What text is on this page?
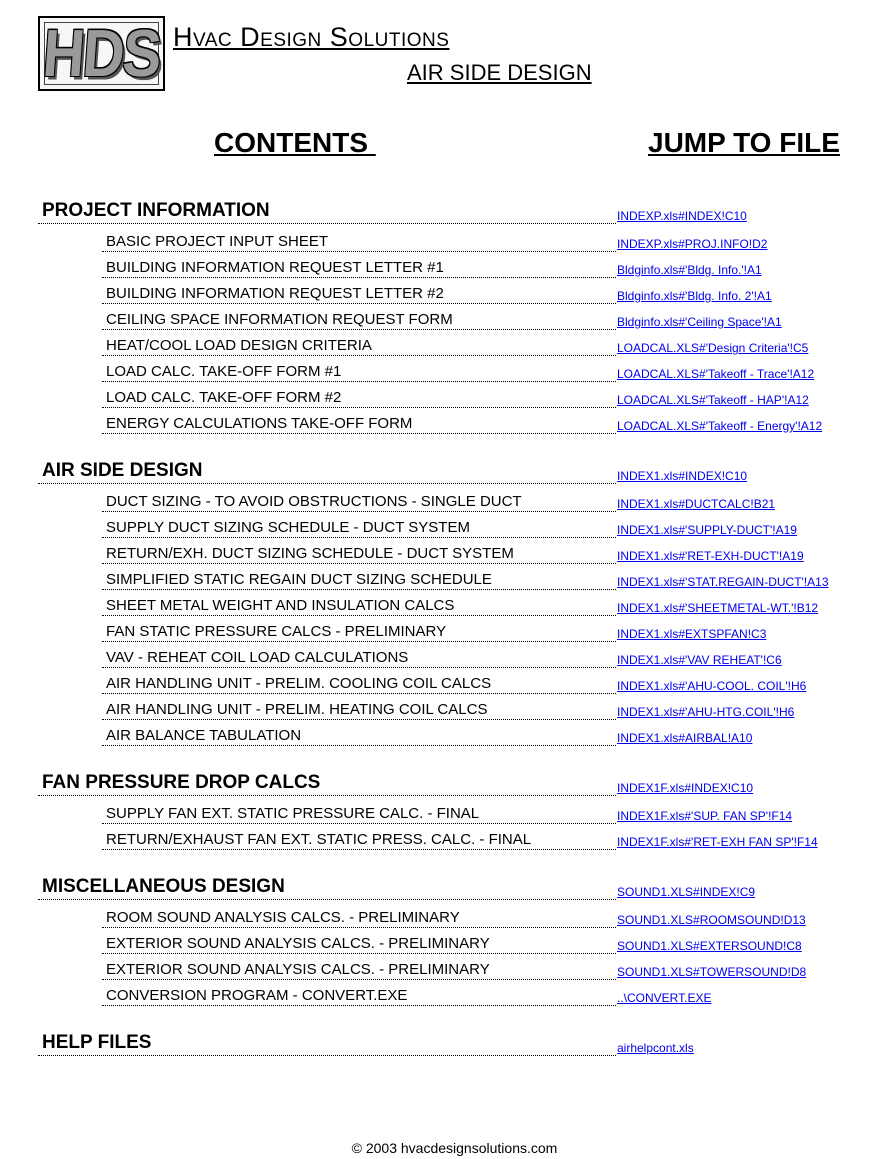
HDS Hvac Design Solutions
AIR SIDE DESIGN
CONTENTS	JUMP TO FILE
PROJECT INFORMATION	INDEXP.xls#INDEX!C10
BASIC PROJECT INPUT SHEET	INDEXP.xls#PROJ.INFO!D2
BUILDING INFORMATION REQUEST LETTER #1	Bldginfo.xls#'Bldg. Info.'!A1
BUILDING INFORMATION REQUEST LETTER #2	Bldginfo.xls#'Bldg. Info. 2'!A1
CEILING SPACE INFORMATION REQUEST FORM	Bldginfo.xls#'Ceiling Space'!A1
HEAT/COOL LOAD DESIGN CRITERIA	LOADCAL.XLS#'Design Criteria'!C5
LOAD CALC. TAKE-OFF FORM #1	LOADCAL.XLS#'Takeoff - Trace'!A12
LOAD CALC. TAKE-OFF FORM #2	LOADCAL.XLS#'Takeoff - HAP'!A12
ENERGY CALCULATIONS TAKE-OFF FORM	LOADCAL.XLS#'Takeoff - Energy'!A12
AIR SIDE DESIGN	INDEX1.xls#INDEX!C10
DUCT SIZING - TO AVOID OBSTRUCTIONS - SINGLE DUCT	INDEX1.xls#DUCTCALC!B21
SUPPLY DUCT SIZING SCHEDULE - DUCT SYSTEM	INDEX1.xls#'SUPPLY-DUCT'!A19
RETURN/EXH. DUCT SIZING SCHEDULE - DUCT SYSTEM	INDEX1.xls#'RET-EXH-DUCT'!A19
SIMPLIFIED STATIC REGAIN DUCT SIZING SCHEDULE	INDEX1.xls#'STAT.REGAIN-DUCT'!A13
SHEET METAL WEIGHT AND INSULATION CALCS	INDEX1.xls#'SHEETMETAL-WT.'!B12
FAN STATIC PRESSURE CALCS - PRELIMINARY	INDEX1.xls#EXTSPFAN!C3
VAV - REHEAT COIL LOAD CALCULATIONS	INDEX1.xls#'VAV REHEAT'!C6
AIR HANDLING UNIT - PRELIM. COOLING COIL CALCS	INDEX1.xls#'AHU-COOL. COIL'!H6
AIR HANDLING UNIT - PRELIM. HEATING COIL CALCS	INDEX1.xls#'AHU-HTG.COIL'!H6
AIR BALANCE TABULATION	INDEX1.xls#AIRBAL!A10
FAN PRESSURE DROP CALCS	INDEX1F.xls#INDEX!C10
SUPPLY FAN EXT. STATIC PRESSURE CALC. - FINAL	INDEX1F.xls#'SUP. FAN SP'!F14
RETURN/EXHAUST FAN EXT. STATIC PRESS. CALC. - FINAL	INDEX1F.xls#'RET-EXH FAN SP'!F14
MISCELLANEOUS DESIGN	SOUND1.XLS#INDEX!C9
ROOM SOUND ANALYSIS CALCS. - PRELIMINARY	SOUND1.XLS#ROOMSOUND!D13
EXTERIOR SOUND ANALYSIS CALCS. - PRELIMINARY	SOUND1.XLS#EXTERSOUND!C8
EXTERIOR SOUND ANALYSIS CALCS. - PRELIMINARY	SOUND1.XLS#TOWERSOUND!D8
CONVERSION PROGRAM - CONVERT.EXE	..\CONVERT.EXE
HELP FILES	airhelpcont.xls
© 2003 hvacdesignsolutions.com
